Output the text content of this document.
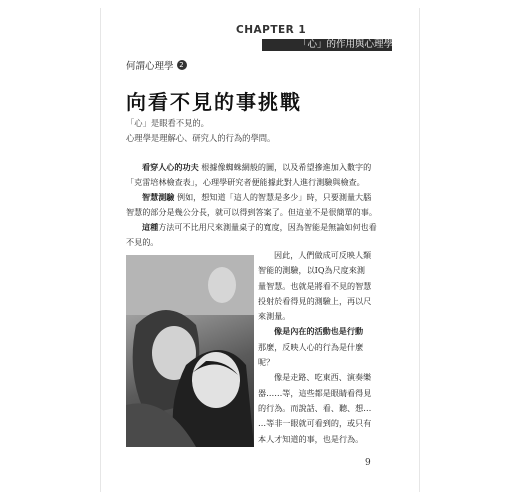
CHAPTER 1
「心」的作用與心理學
何謂心理學 2
向看不見的事挑戰
「心」是眼看不見的。
心理學是理解心、研究人的行為的學問。
看穿人心的功夫 根據像蜘蛛網般的圖，以及希望摻進加入數字的
「克雷培林檢查表」，心理學研究者便能據此對人進行測驗與檢查。
智慧測驗 例如，想知道「這人的智慧是多少」時，只要測量大腦
智慧的部分是幾公分長，就可以得到答案了。但這並不是很簡單的事。
這種方法可不比用尺來測量桌子的寬度，因為智能是無論如何也看
不見的。
因此，人們做成可反映人類
智能的測驗，以IQ為尺度來測
量智慧。也就是將看不見的智慧
投射於看得見的測驗上，再以尺
來測量。
像是內在的活動也是行動
那麼，反映人心的行為是什麼
呢？
像是走路、吃東西、演奏樂
器……等，這些都是眼睛看得見
的行為。而說話、看、聽、想…
…等非一眼就可看到的，或只有
本人才知道的事，也是行為。
9
